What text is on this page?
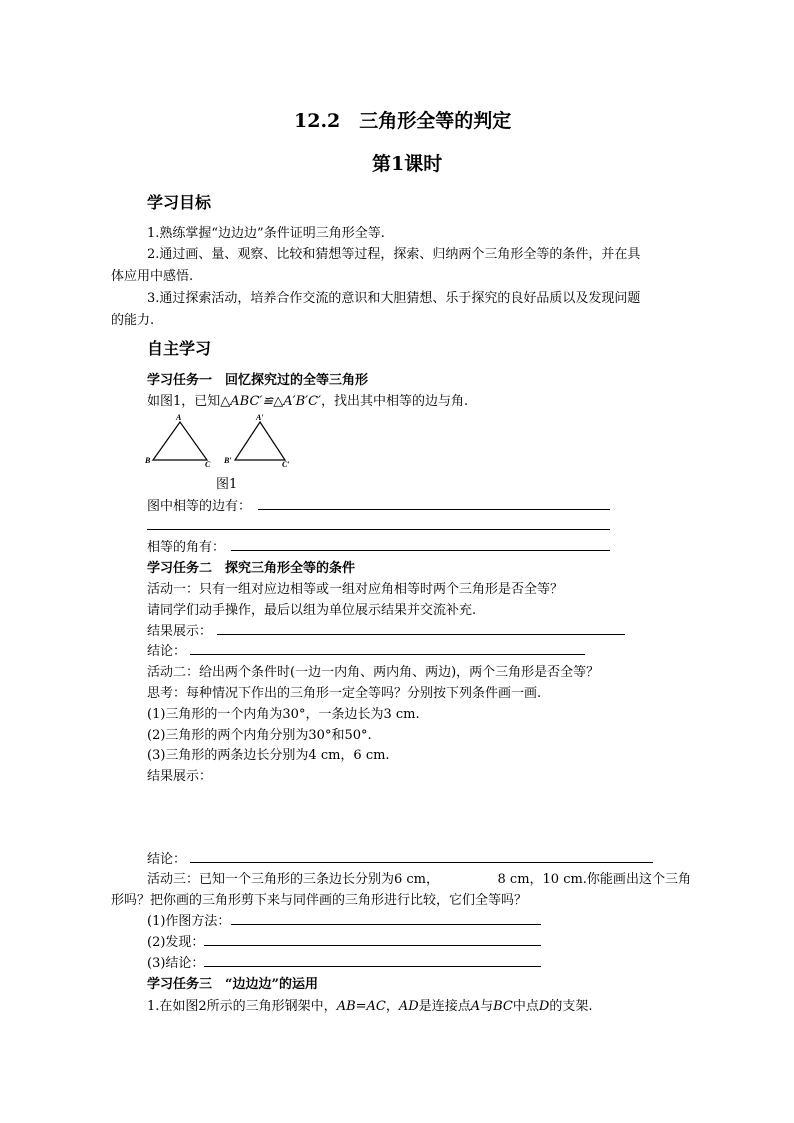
12.2　三角形全等的判定
第1课时
学习目标
1.熟练掌握“边边边”条件证明三角形全等.
2.通过画、量、观察、比较和猜想等过程，探索、归纳两个三角形全等的条件，并在具
体应用中感悟.
3.通过探索活动，培养合作交流的意识和大胆猜想、乐于探究的良好品质以及发现问题
的能力.
自主学习
学习任务一　回忆探究过的全等三角形
如图1，已知△ABC′≌△A′B′C′，找出其中相等的边与角.
A
B	C
A′
B′	C′
图1
图中相等的边有：
相等的角有：
学习任务二　探究三角形全等的条件
活动一：只有一组对应边相等或一组对应角相等时两个三角形是否全等？
请同学们动手操作，最后以组为单位展示结果并交流补充.
结果展示：
结论：
活动二：给出两个条件时(一边一内角、两内角、两边)，两个三角形是否全等？
思考：每种情况下作出的三角形一定全等吗？分别按下列条件画一画.
(1)三角形的一个内角为30°，一条边长为3 cm.
(2)三角形的两个内角分别为30°和50°.
(3)三角形的两条边长分别为4 cm，6 cm.
结果展示：
结论：
活动三：已知一个三角形的三条边长分别为6 cm，　　　　　8 cm，10 cm.你能画出这个三角
形吗？把你画的三角形剪下来与同伴画的三角形进行比较，它们全等吗？
(1)作图方法：
(2)发现：
(3)结论：
学习任务三　“边边边”的运用
1.在如图2所示的三角形钢架中，AB=AC，AD是连接点A与BC中点D的支架.
